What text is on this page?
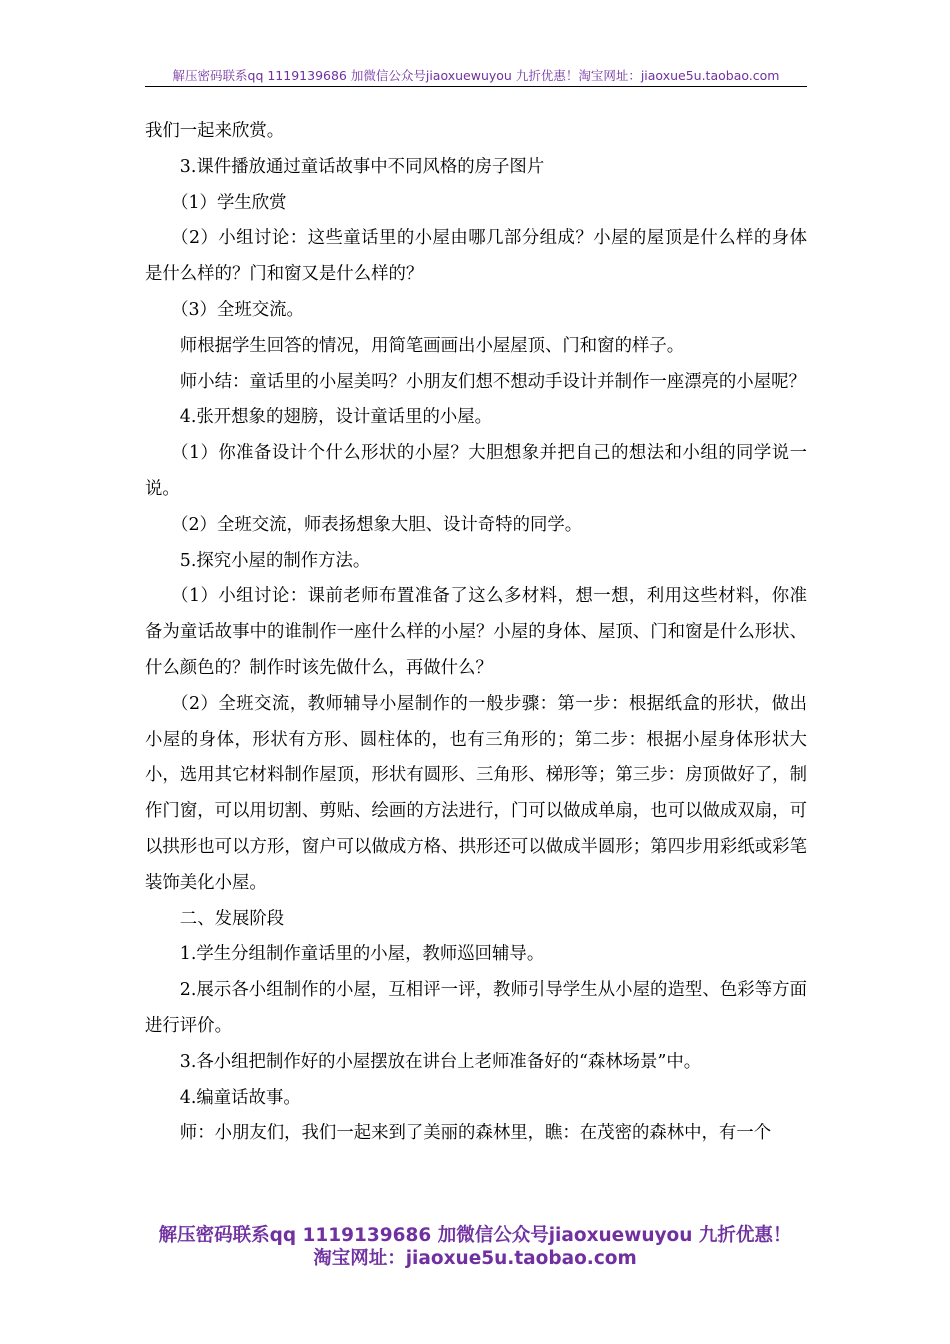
解压密码联系qq 1119139686 加微信公众号jiaoxuewuyou 九折优惠！淘宝网址：jiaoxue5u.taobao.com

我们一起来欣赏。

3.课件播放通过童话故事中不同风格的房子图片

（1）学生欣赏

（2）小组讨论：这些童话里的小屋由哪几部分组成？小屋的屋顶是什么样的身体是什么样的？门和窗又是什么样的？

（3）全班交流。

师根据学生回答的情况，用简笔画画出小屋屋顶、门和窗的样子。

师小结：童话里的小屋美吗？小朋友们想不想动手设计并制作一座漂亮的小屋呢？

4.张开想象的翅膀，设计童话里的小屋。

（1）你准备设计个什么形状的小屋？大胆想象并把自己的想法和小组的同学说一说。

（2）全班交流，师表扬想象大胆、设计奇特的同学。

5.探究小屋的制作方法。

（1）小组讨论：课前老师布置准备了这么多材料，想一想，利用这些材料，你准备为童话故事中的谁制作一座什么样的小屋？小屋的身体、屋顶、门和窗是什么形状、什么颜色的？制作时该先做什么，再做什么？

（2）全班交流，教师辅导小屋制作的一般步骤：第一步：根据纸盒的形状，做出小屋的身体，形状有方形、圆柱体的，也有三角形的；第二步：根据小屋身体形状大小，选用其它材料制作屋顶，形状有圆形、三角形、梯形等；第三步：房顶做好了，制作门窗，可以用切割、剪贴、绘画的方法进行，门可以做成单扇，也可以做成双扇，可以拱形也可以方形，窗户可以做成方格、拱形还可以做成半圆形；第四步用彩纸或彩笔装饰美化小屋。

二、发展阶段

1.学生分组制作童话里的小屋，教师巡回辅导。

2.展示各小组制作的小屋，互相评一评，教师引导学生从小屋的造型、色彩等方面进行评价。

3.各小组把制作好的小屋摆放在讲台上老师准备好的“森林场景”中。

4.编童话故事。

师：小朋友们，我们一起来到了美丽的森林里，瞧：在茂密的森林中，有一个

解压密码联系qq 1119139686 加微信公众号jiaoxuewuyou 九折优惠！
淘宝网址：jiaoxue5u.taobao.com
